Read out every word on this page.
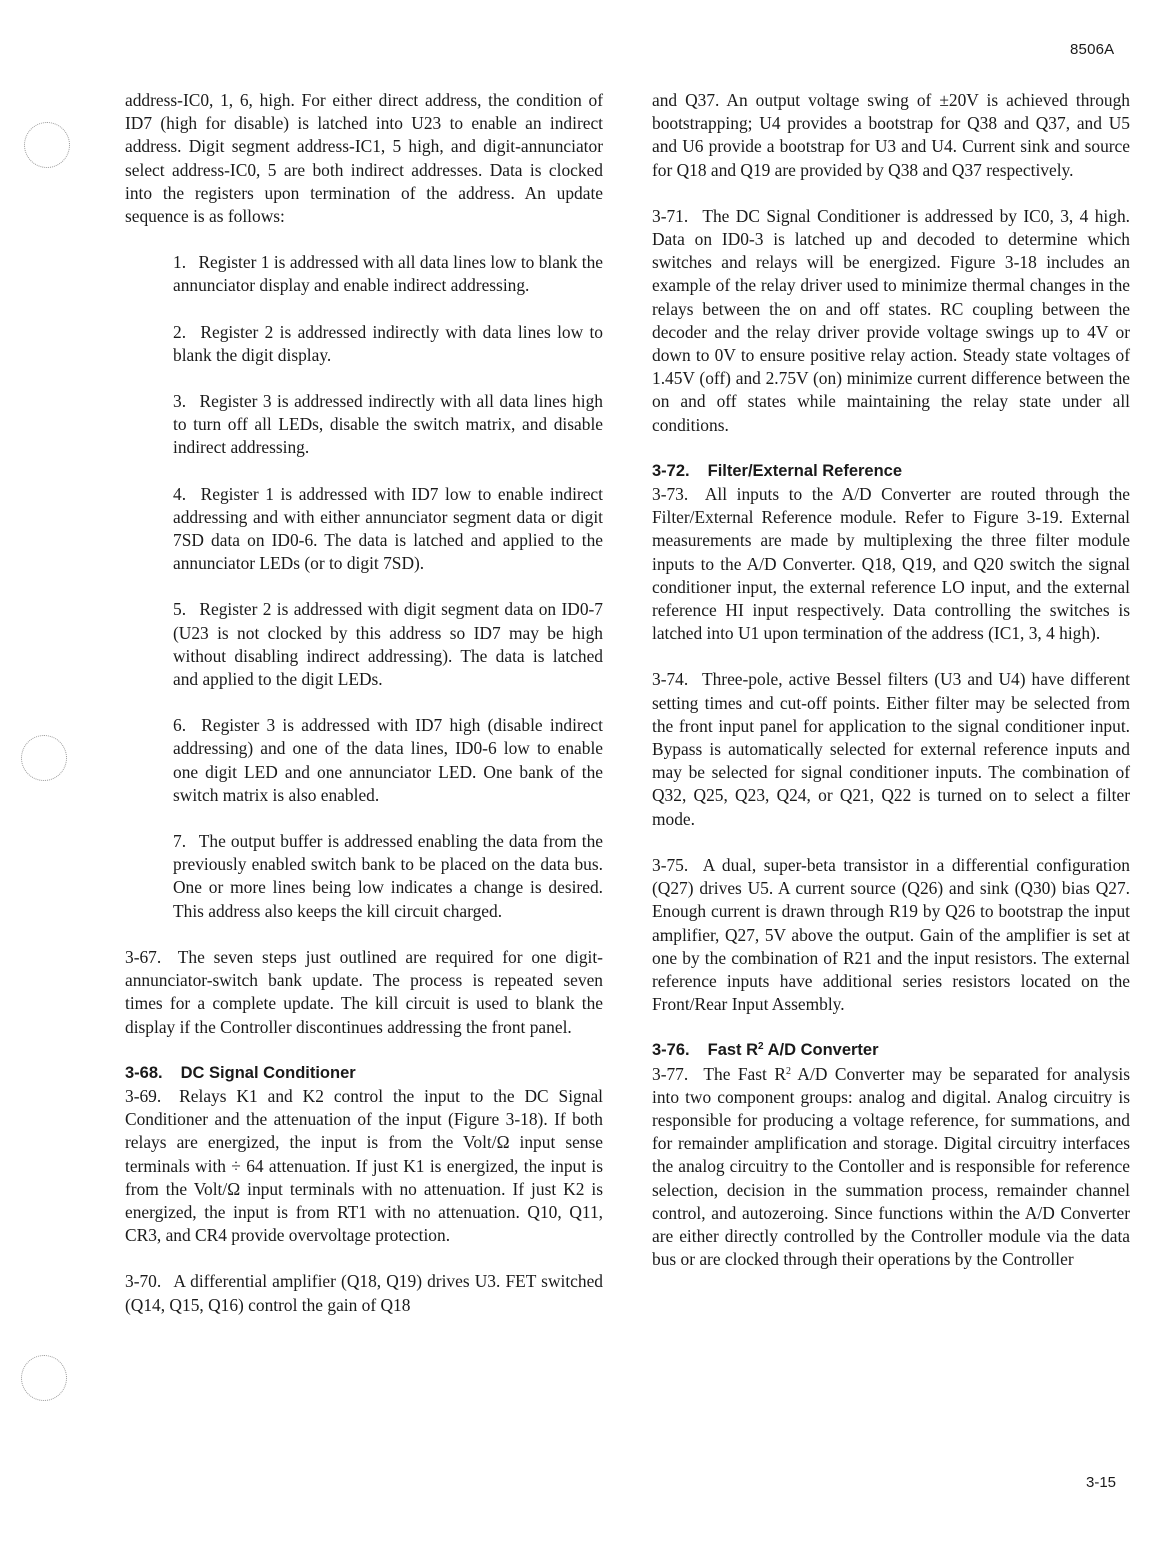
8506A

address-IC0, 1, 6, high. For either direct address, the condition of ID7 (high for disable) is latched into U23 to enable an indirect address. Digit segment address-IC1, 5 high, and digit-annunciator select address-IC0, 5 are both indirect addresses. Data is clocked into the registers upon termination of the address. An update sequence is as follows:

1. Register 1 is addressed with all data lines low to blank the annunciator display and enable indirect addressing.

2. Register 2 is addressed indirectly with data lines low to blank the digit display.

3. Register 3 is addressed indirectly with all data lines high to turn off all LEDs, disable the switch matrix, and disable indirect addressing.

4. Register 1 is addressed with ID7 low to enable indirect addressing and with either annunciator segment data or digit 7SD data on ID0-6. The data is latched and applied to the annunciator LEDs (or to digit 7SD).

5. Register 2 is addressed with digit segment data on ID0-7 (U23 is not clocked by this address so ID7 may be high without disabling indirect addressing). The data is latched and applied to the digit LEDs.

6. Register 3 is addressed with ID7 high (disable indirect addressing) and one of the data lines, ID0-6 low to enable one digit LED and one annunciator LED. One bank of the switch matrix is also enabled.

7. The output buffer is addressed enabling the data from the previously enabled switch bank to be placed on the data bus. One or more lines being low indicates a change is desired. This address also keeps the kill circuit charged.

3-67. The seven steps just outlined are required for one digit-annunciator-switch bank update. The process is repeated seven times for a complete update. The kill circuit is used to blank the display if the Controller discontinues addressing the front panel.

3-68. DC Signal Conditioner

3-69. Relays K1 and K2 control the input to the DC Signal Conditioner and the attenuation of the input (Figure 3-18). If both relays are energized, the input is from the Volt/Ω input sense terminals with ÷ 64 attenuation. If just K1 is energized, the input is from the Volt/Ω input terminals with no attenuation. If just K2 is energized, the input is from RT1 with no attenuation. Q10, Q11, CR3, and CR4 provide overvoltage protection.

3-70. A differential amplifier (Q18, Q19) drives U3. FET switched (Q14, Q15, Q16) control the gain of Q18

and Q37. An output voltage swing of ±20V is achieved through bootstrapping; U4 provides a bootstrap for Q38 and Q37, and U5 and U6 provide a bootstrap for U3 and U4. Current sink and source for Q18 and Q19 are provided by Q38 and Q37 respectively.

3-71. The DC Signal Conditioner is addressed by IC0, 3, 4 high. Data on ID0-3 is latched up and decoded to determine which switches and relays will be energized. Figure 3-18 includes an example of the relay driver used to minimize thermal changes in the relays between the on and off states. RC coupling between the decoder and the relay driver provide voltage swings up to 4V or down to 0V to ensure positive relay action. Steady state voltages of 1.45V (off) and 2.75V (on) minimize current difference between the on and off states while maintaining the relay state under all conditions.

3-72. Filter/External Reference

3-73. All inputs to the A/D Converter are routed through the Filter/External Reference module. Refer to Figure 3-19. External measurements are made by multiplexing the three filter module inputs to the A/D Converter. Q18, Q19, and Q20 switch the signal conditioner input, the external reference LO input, and the external reference HI input respectively. Data controlling the switches is latched into U1 upon termination of the address (IC1, 3, 4 high).

3-74. Three-pole, active Bessel filters (U3 and U4) have different setting times and cut-off points. Either filter may be selected from the front input panel for application to the signal conditioner input. Bypass is automatically selected for external reference inputs and may be selected for signal conditioner inputs. The combination of Q32, Q25, Q23, Q24, or Q21, Q22 is turned on to select a filter mode.

3-75. A dual, super-beta transistor in a differential configuration (Q27) drives U5. A current source (Q26) and sink (Q30) bias Q27. Enough current is drawn through R19 by Q26 to bootstrap the input amplifier, Q27, 5V above the output. Gain of the amplifier is set at one by the combination of R21 and the input resistors. The external reference inputs have additional series resistors located on the Front/Rear Input Assembly.

3-76. Fast $R^2$ A/D Converter

3-77. The Fast $R^2$ A/D Converter may be separated for analysis into two component groups: analog and digital. Analog circuitry is responsible for producing a voltage reference, for summations, and for remainder amplification and storage. Digital circuitry interfaces the analog circuitry to the Contoller and is responsible for reference selection, decision in the summation process, remainder channel control, and autozeroing. Since functions within the A/D Converter are either directly controlled by the Controller module via the data bus or are clocked through their operations by the Controller

3-15
